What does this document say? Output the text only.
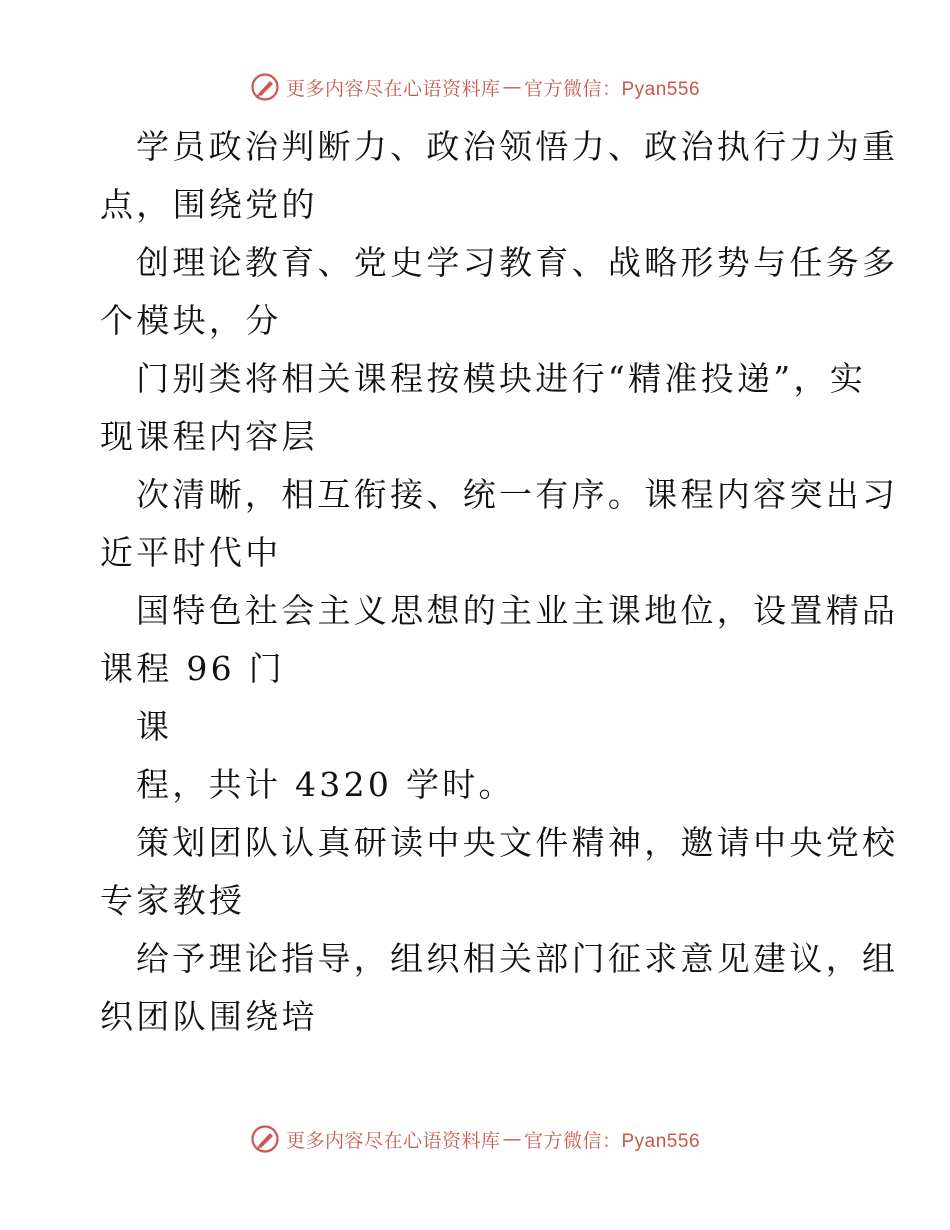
更多内容尽在心语资料库 — 官方微信：Pyan556
学员政治判断力、政治领悟力、政治执行力为重
点，围绕党的
创理论教育、党史学习教育、战略形势与任务多
个模块，分
门别类将相关课程按模块进行“精准投递”，实
现课程内容层
次清晰，相互衔接、统一有序。课程内容突出习
近平时代中
国特色社会主义思想的主业主课地位，设置精品
课程 96 门
课
程，共计 4320 学时。
策划团队认真研读中央文件精神，邀请中央党校
专家教授
给予理论指导，组织相关部门征求意见建议，组
织团队围绕培
更多内容尽在心语资料库 — 官方微信：Pyan556
